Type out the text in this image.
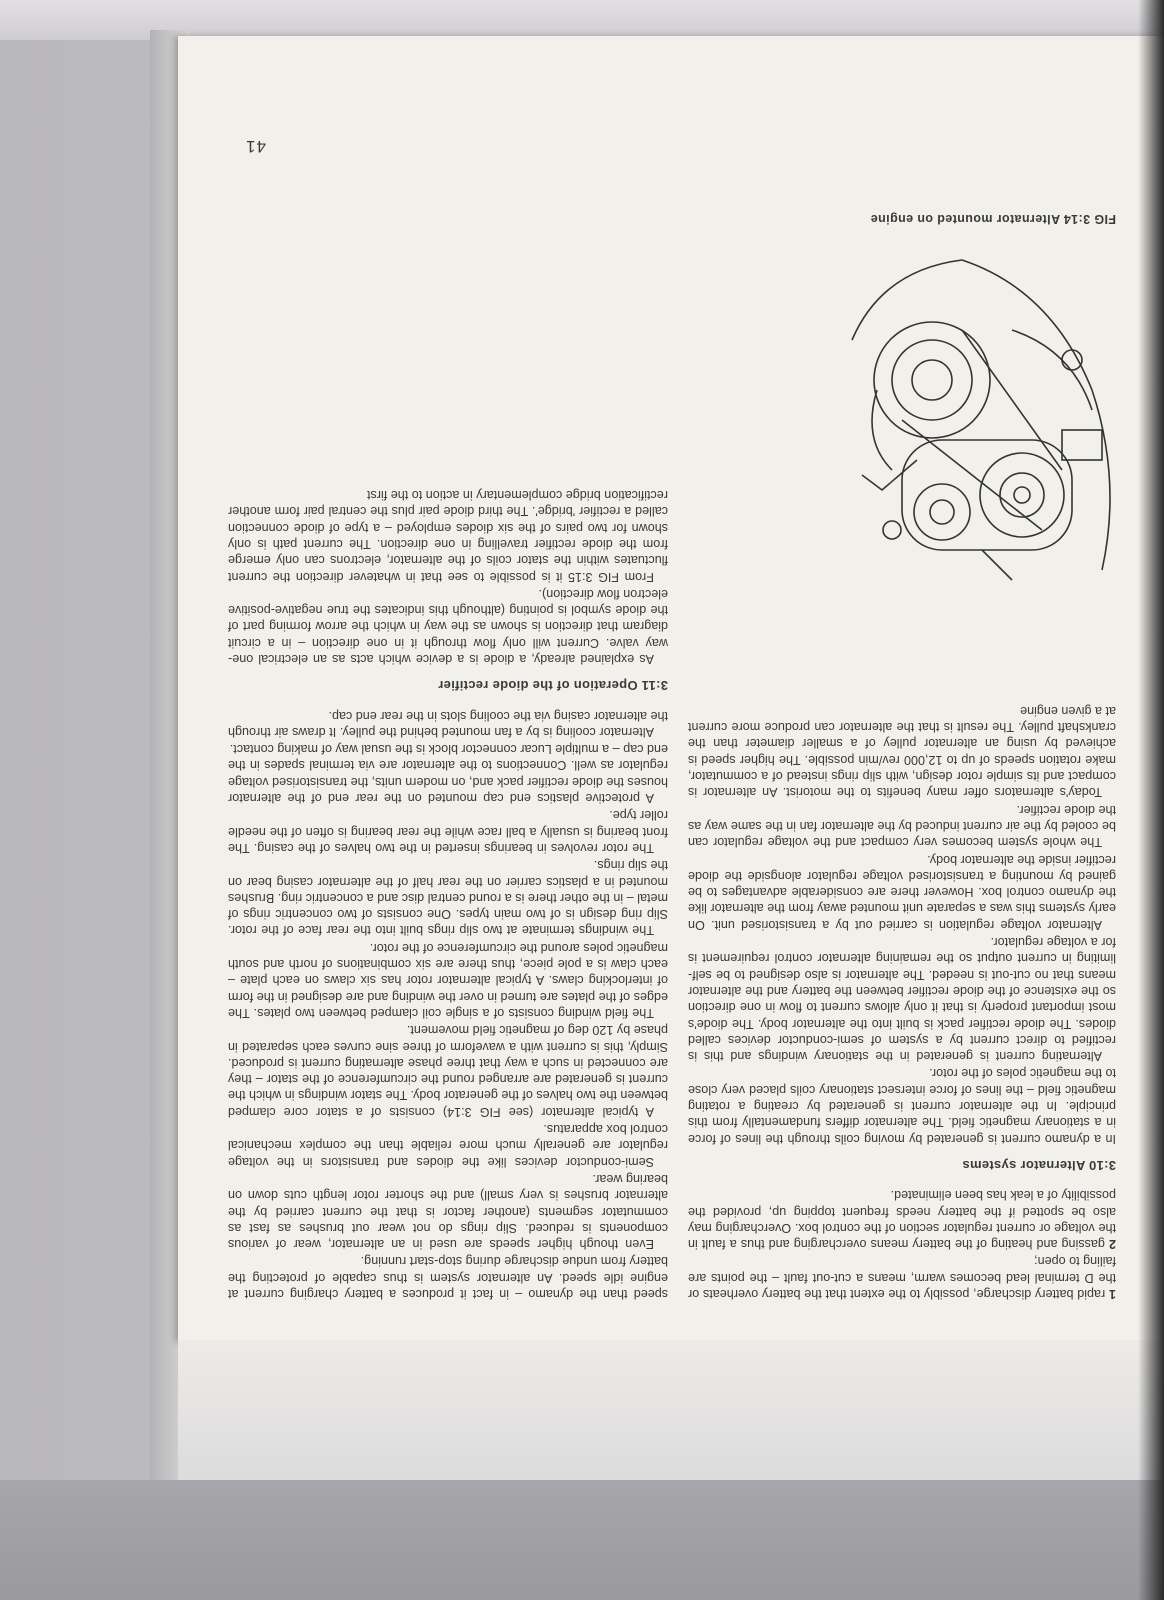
41

1 rapid battery discharge, possibly to the extent that the battery overheats or the D terminal lead becomes warm, means a cut-out fault – the points are failing to open;

2 gassing and heating of the battery means overcharging and thus a fault in the voltage or current regulator section of the control box. Overcharging may also be spotted if the battery needs frequent topping up, provided the possibility of a leak has been eliminated.

3:10 Alternator systems

In a dynamo current is generated by moving coils through the lines of force in a stationary magnetic field. The alternator differs fundamentally from this principle. In the alternator current is generated by creating a rotating magnetic field – the lines of force intersect stationary coils placed very close to the magnetic poles of the rotor.

Alternating current is generated in the stationary windings and this is rectified to direct current by a system of semi-conductor devices called diodes. The diode rectifier pack is built into the alternator body. The diode's most important property is that it only allows current to flow in one direction so the existence of the diode rectifier between the battery and the alternator means that no cut-out is needed. The alternator is also designed to be self-limiting in current output so the remaining alternator control requirement is for a voltage regulator.

Alternator voltage regulation is carried out by a transistorised unit. On early systems this was a separate unit mounted away from the alternator like the dynamo control box. However there are considerable advantages to be gained by mounting a transistorised voltage regulator alongside the diode rectifier inside the alternator body.

The whole system becomes very compact and the voltage regulator can be cooled by the air current induced by the alternator fan in the same way as the diode rectifier.

Today's alternators offer many benefits to the motorist. An alternator is compact and its simple rotor design, with slip rings instead of a commutator, make rotation speeds of up to 12,000 rev/min possible. The higher speed is achieved by using an alternator pulley of a smaller diameter than the crankshaft pulley. The result is that the alternator can produce more current at a given engine

FIG 3:14 Alternator mounted on engine

speed than the dynamo – in fact it produces a battery charging current at engine idle speed. An alternator system is thus capable of protecting the battery from undue discharge during stop-start running.

Even though higher speeds are used in an alternator, wear of various components is reduced. Slip rings do not wear out brushes as fast as commutator segments (another factor is that the current carried by the alternator brushes is very small) and the shorter rotor length cuts down on bearing wear.

Semi-conductor devices like the diodes and transistors in the voltage regulator are generally much more reliable than the complex mechanical control box apparatus.

A typical alternator (see FIG 3:14) consists of a stator core clamped between the two halves of the generator body. The stator windings in which the current is generated are arranged round the circumference of the stator – they are connected in such a way that three phase alternating current is produced. Simply, this is current with a waveform of three sine curves each separated in phase by 120 deg of magnetic field movement.

The field winding consists of a single coil clamped between two plates. The edges of the plates are turned in over the winding and are designed in the form of interlocking claws. A typical alternator rotor has six claws on each plate – each claw is a pole piece, thus there are six combinations of north and south magnetic poles around the circumference of the rotor.

The windings terminate at two slip rings built into the rear face of the rotor. Slip ring design is of two main types. One consists of two concentric rings of metal – in the other there is a round central disc and a concentric ring. Brushes mounted in a plastics carrier on the rear half of the alternator casing bear on the slip rings.

The rotor revolves in bearings inserted in the two halves of the casing. The front bearing is usually a ball race while the rear bearing is often of the needle roller type.

A protective plastics end cap mounted on the rear end of the alternator houses the diode rectifier pack and, on modern units, the transistorised voltage regulator as well. Connections to the alternator are via terminal spades in the end cap – a multiple Lucar connector block is the usual way of making contact.

Alternator cooling is by a fan mounted behind the pulley. It draws air through the alternator casing via the cooling slots in the rear end cap.

3:11 Operation of the diode rectifier

As explained already, a diode is a device which acts as an electrical one-way valve. Current will only flow through it in one direction – in a circuit diagram that direction is shown as the way in which the arrow forming part of the diode symbol is pointing (although this indicates the true negative-positive electron flow direction).

From FIG 3:15 it is possible to see that in whatever direction the current fluctuates within the stator coils of the alternator, electrons can only emerge from the diode rectifier travelling in one direction. The current path is only shown for two pairs of the six diodes employed – a type of diode connection called a rectifier 'bridge'. The third diode pair plus the central pair form another rectification bridge complementary in action to the first
